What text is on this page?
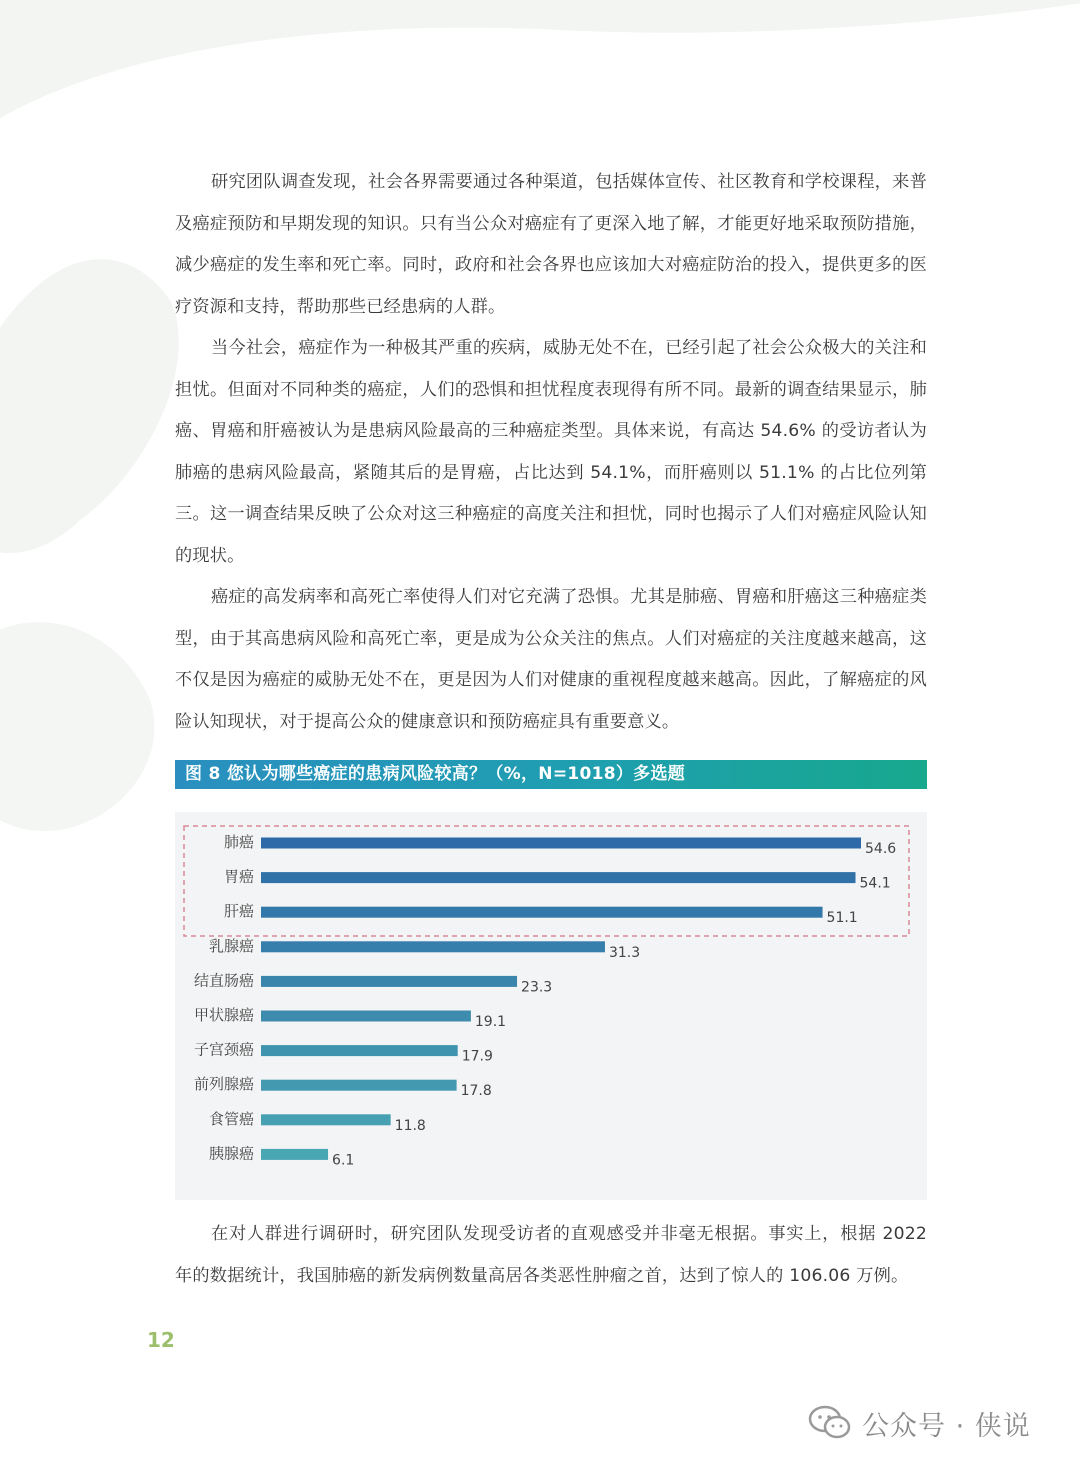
研究团队调查发现，社会各界需要通过各种渠道，包括媒体宣传、社区教育和学校课程，来普及癌症预防和早期发现的知识。只有当公众对癌症有了更深入地了解，才能更好地采取预防措施，减少癌症的发生率和死亡率。同时，政府和社会各界也应该加大对癌症防治的投入，提供更多的医疗资源和支持，帮助那些已经患病的人群。

当今社会，癌症作为一种极其严重的疾病，威胁无处不在，已经引起了社会公众极大的关注和担忧。但面对不同种类的癌症，人们的恐惧和担忧程度表现得有所不同。最新的调查结果显示，肺癌、胃癌和肝癌被认为是患病风险最高的三种癌症类型。具体来说，有高达 54.6% 的受访者认为肺癌的患病风险最高，紧随其后的是胃癌，占比达到 54.1%，而肝癌则以 51.1% 的占比位列第三。这一调查结果反映了公众对这三种癌症的高度关注和担忧，同时也揭示了人们对癌症风险认知的现状。

癌症的高发病率和高死亡率使得人们对它充满了恐惧。尤其是肺癌、胃癌和肝癌这三种癌症类型，由于其高患病风险和高死亡率，更是成为公众关注的焦点。人们对癌症的关注度越来越高，这不仅是因为癌症的威胁无处不在，更是因为人们对健康的重视程度越来越高。因此，了解癌症的风险认知现状，对于提高公众的健康意识和预防癌症具有重要意义。

图 8 您认为哪些癌症的患病风险较高？（%，N=1018）多选题
肺癌	54.6
胃癌	54.1
肝癌	51.1
乳腺癌	31.3
结直肠癌	23.3
甲状腺癌	19.1
子宫颈癌	17.9
前列腺癌	17.8
食管癌	11.8
胰腺癌	6.1

在对人群进行调研时，研究团队发现受访者的直观感受并非毫无根据。事实上，根据 2022 年的数据统计，我国肺癌的新发病例数量高居各类恶性肿瘤之首，达到了惊人的 106.06 万例。

12
公众号 · 侠说
